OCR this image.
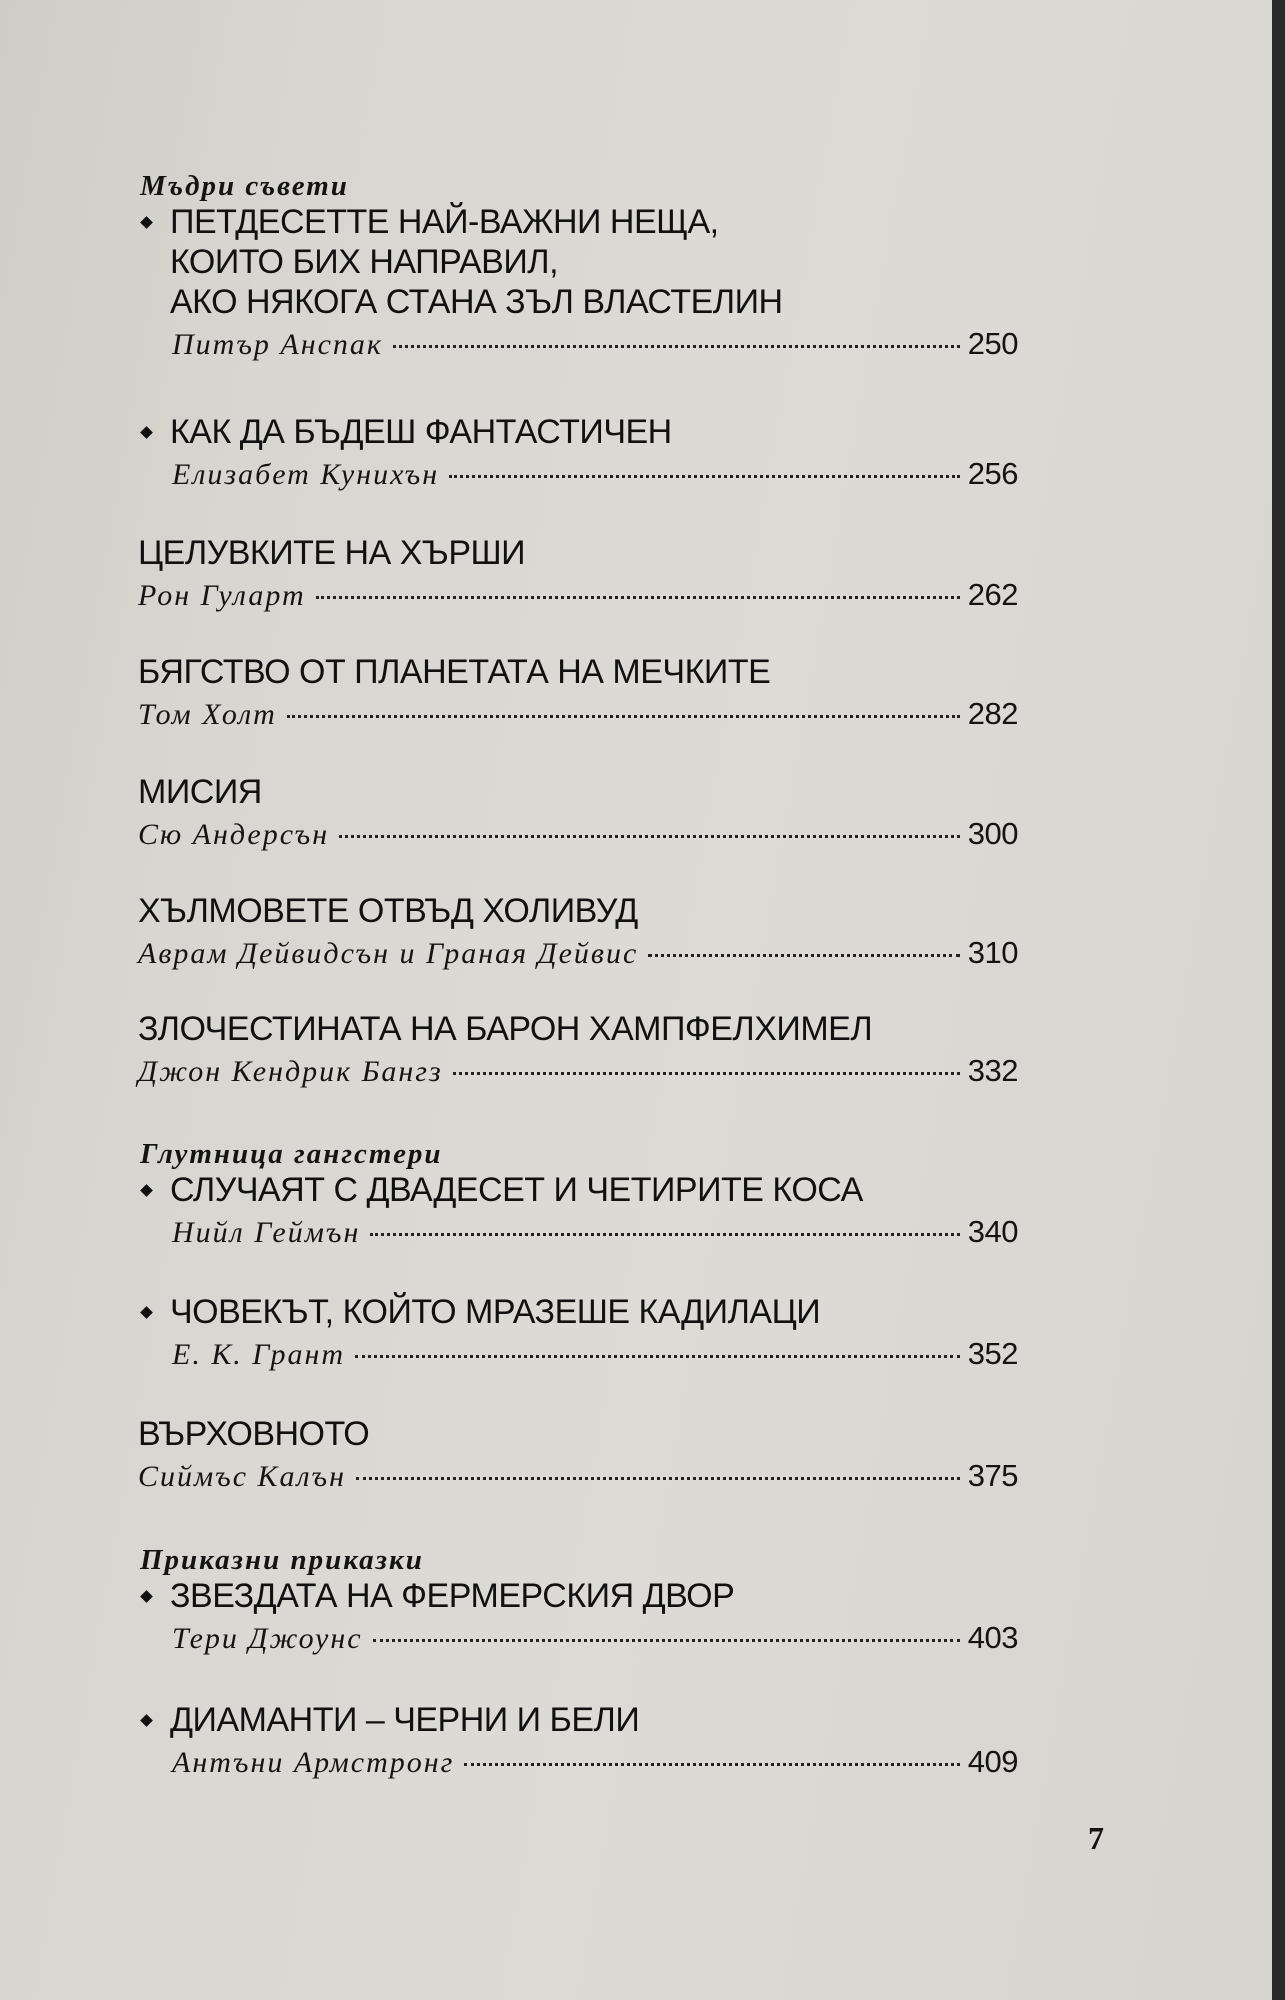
Мъдри съвети
ПЕТДЕСЕТТЕ НАЙ-ВАЖНИ НЕЩА,
КОИТО БИХ НАПРАВИЛ,
АКО НЯКОГА СТАНА ЗЪЛ ВЛАСТЕЛИН
Питър Анспак	250
КАК ДА БЪДЕШ ФАНТАСТИЧЕН
Елизабет Кунихън	256
ЦЕЛУВКИТЕ НА ХЪРШИ
Рон Гуларт	262
БЯГСТВО ОТ ПЛАНЕТАТА НА МЕЧКИТЕ
Том Холт	282
МИСИЯ
Сю Андерсън	300
ХЪЛМОВЕТЕ ОТВЪД ХОЛИВУД
Аврам Дейвидсън и Граная Дейвис	310
ЗЛОЧЕСТИНАТА НА БАРОН ХАМПФЕЛХИМЕЛ
Джон Кендрик Бангз	332
Глутница гангстери
СЛУЧАЯТ С ДВАДЕСЕТ И ЧЕТИРИТЕ КОСА
Нийл Геймън	340
ЧОВЕКЪТ, КОЙТО МРАЗЕШЕ КАДИЛАЦИ
Е. К. Грант	352
ВЪРХОВНОТО
Сиймъс Калън	375
Приказни приказки
ЗВЕЗДАТА НА ФЕРМЕРСКИЯ ДВОР
Тери Джоунс	403
ДИАМАНТИ – ЧЕРНИ И БЕЛИ
Антъни Армстронг	409
7
